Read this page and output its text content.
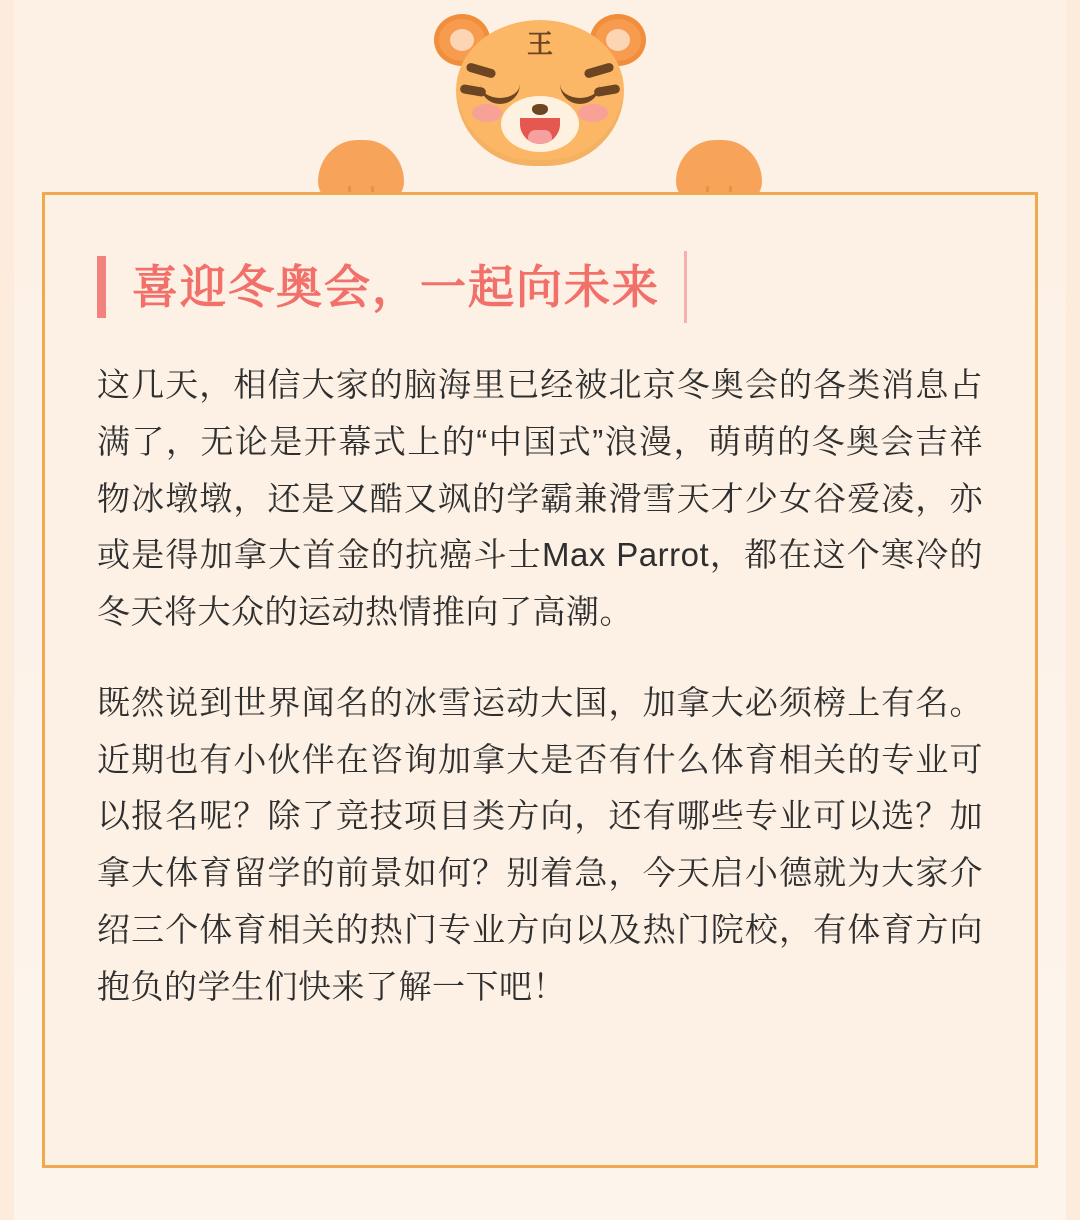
王
喜迎冬奥会，一起向未来

这几天，相信大家的脑海里已经被北京冬奥会的各类消息占满了，无论是开幕式上的“中国式”浪漫，萌萌的冬奥会吉祥物冰墩墩，还是又酷又飒的学霸兼滑雪天才少女谷爱凌，亦或是得加拿大首金的抗癌斗士Max Parrot，都在这个寒冷的冬天将大众的运动热情推向了高潮。

既然说到世界闻名的冰雪运动大国，加拿大必须榜上有名。近期也有小伙伴在咨询加拿大是否有什么体育相关的专业可以报名呢？除了竞技项目类方向，还有哪些专业可以选？加拿大体育留学的前景如何？别着急，今天启小德就为大家介绍三个体育相关的热门专业方向以及热门院校，有体育方向抱负的学生们快来了解一下吧！
